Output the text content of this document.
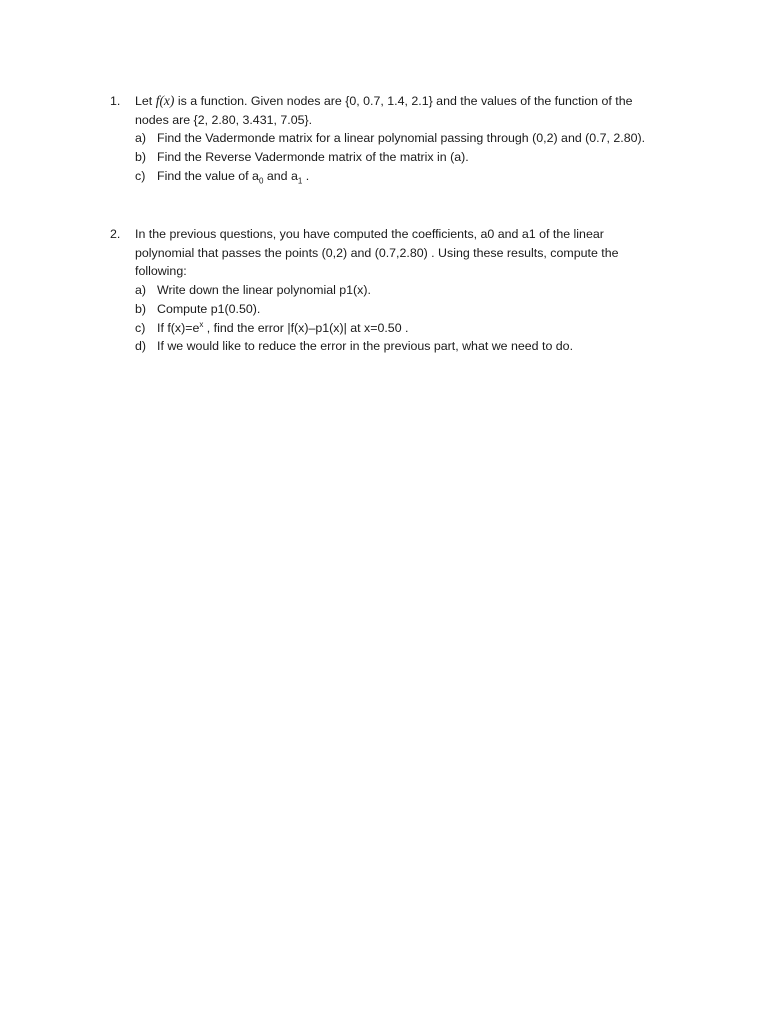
1.	Let f(x) is a function. Given nodes are {0, 0.7, 1.4, 2.1} and the values of the function of the
nodes are {2, 2.80, 3.431, 7.05}.
a) Find the Vadermonde matrix for a linear polynomial passing through (0,2) and (0.7, 2.80).
b) Find the Reverse Vadermonde matrix of the matrix in (a).
c) Find the value of $a_0$ and $a_1$ .
2.	In the previous questions, you have computed the coefficients, a0 and a1 of the linear
polynomial that passes the points (0,2) and (0.7,2.80) . Using these results, compute the
following:
a) Write down the linear polynomial p1(x).
b) Compute p1(0.50).
c) If $f(x)=e^x$ , find the error |f(x)–p1(x)| at x=0.50 .
d) If we would like to reduce the error in the previous part, what we need to do.
